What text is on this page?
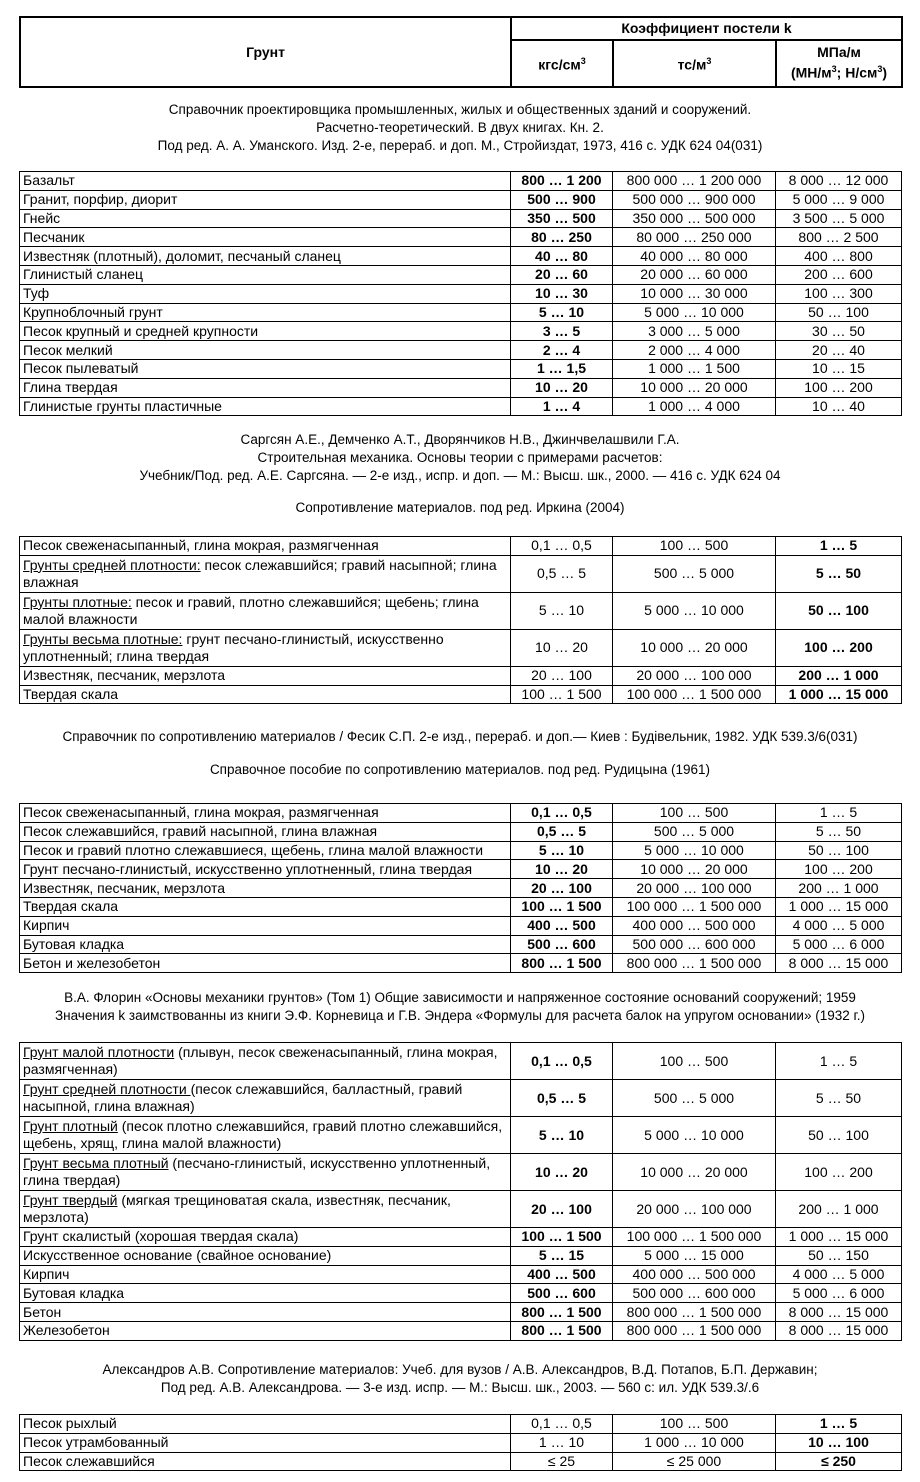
Грунт	Коэффициент постели k		
	кгс/$см^3$	$тс/м^3$	МПа/м
($МН/м^3$; $Н/см^3$)
Справочник проектировщика промышленных, жилых и общественных зданий и сооружений.
Расчетно-теоретический. В двух книгах. Кн. 2.
Под ред. А. А. Уманского. Изд. 2-е, перераб. и доп. М., Стройиздат, 1973, 416 с. УДК 624 04(031)
Базальт	800 … 1 200	800 000 … 1 200 000	8 000 … 12 000
Гранит, порфир, диорит	500 … 900	500 000 … 900 000	5 000 … 9 000
Гнейс	350 … 500	350 000 … 500 000	3 500 … 5 000
Песчаник	80 … 250	80 000 … 250 000	800 … 2 500
Известняк (плотный), доломит, песчаный сланец	40 … 80	40 000 … 80 000	400 … 800
Глинистый сланец	20 … 60	20 000 … 60 000	200 … 600
Туф	10 … 30	10 000 … 30 000	100 … 300
Крупноблочный грунт	5 … 10	5 000 … 10 000	50 … 100
Песок крупный и средней крупности	3 … 5	3 000 … 5 000	30 … 50
Песок мелкий	2 … 4	2 000 … 4 000	20 … 40
Песок пылеватый	1 … 1,5	1 000 … 1 500	10 … 15
Глина твердая	10 … 20	10 000 … 20 000	100 … 200
Глинистые грунты пластичные	1 … 4	1 000 … 4 000	10 … 40
Саргсян А.Е., Демченко А.Т., Дворянчиков Н.В., Джинчвелашвили Г.А.
Строительная механика. Основы теории с примерами расчетов:
Учебник/Под. ред. А.Е. Саргсяна. — 2-е изд., испр. и доп. — М.: Высш. шк., 2000. — 416 с. УДК 624 04
Сопротивление материалов. под ред. Иркина (2004)
Песок свеженасыпанный, глина мокрая, размягченная	0,1 … 0,5	100 … 500	1 … 5
Грунты средней плотности: песок слежавшийся; гравий насыпной; глина влажная	0,5 … 5	500 … 5 000	5 … 50
Грунты плотные: песок и гравий, плотно слежавшийся; щебень; глина малой влажности	5 … 10	5 000 … 10 000	50 … 100
Грунты весьма плотные: грунт песчано-глинистый, искусственно уплотненный; глина твердая	10 … 20	10 000 … 20 000	100 … 200
Известняк, песчаник, мерзлота	20 … 100	20 000 … 100 000	200 … 1 000
Твердая скала	100 … 1 500	100 000 … 1 500 000	1 000 … 15 000
Справочник по сопротивлению материалов / Фесик С.П. 2-е изд., перераб. и доп.— Киев : Будівельник, 1982. УДК 539.3/6(031)
Справочное пособие по сопротивлению материалов. под ред. Рудицына (1961)
Песок свеженасыпанный, глина мокрая, размягченная	0,1 … 0,5	100 … 500	1 … 5
Песок слежавшийся, гравий насыпной, глина влажная	0,5 … 5	500 … 5 000	5 … 50
Песок и гравий плотно слежавшиеся, щебень, глина малой влажности	5 … 10	5 000 … 10 000	50 … 100
Грунт песчано-глинистый, искусственно уплотненный, глина твердая	10 … 20	10 000 … 20 000	100 … 200
Известняк, песчаник, мерзлота	20 … 100	20 000 … 100 000	200 … 1 000
Твердая скала	100 … 1 500	100 000 … 1 500 000	1 000 … 15 000
Кирпич	400 … 500	400 000 … 500 000	4 000 … 5 000
Бутовая кладка	500 … 600	500 000 … 600 000	5 000 … 6 000
Бетон и железобетон	800 … 1 500	800 000 … 1 500 000	8 000 … 15 000
В.А. Флорин «Основы механики грунтов» (Том 1) Общие зависимости и напряженное состояние оснований сооружений; 1959
Значения k заимствованны из книги Э.Ф. Корневица и Г.В. Эндера «Формулы для расчета балок на упругом основании» (1932 г.)
Грунт малой плотности (плывун, песок свеженасыпанный, глина мокрая, размягченная)	0,1 … 0,5	100 … 500	1 … 5
Грунт средней плотности (песок слежавшийся, балластный, гравий насыпной, глина влажная)	0,5 … 5	500 … 5 000	5 … 50
Грунт плотный (песок плотно слежавшийся, гравий плотно слежавшийся, щебень, хрящ, глина малой влажности)	5 … 10	5 000 … 10 000	50 … 100
Грунт весьма плотный (песчано-глинистый, искусственно уплотненный, глина твердая)	10 … 20	10 000 … 20 000	100 … 200
Грунт твердый (мягкая трещиноватая скала, известняк, песчаник, мерзлота)	20 … 100	20 000 … 100 000	200 … 1 000
Грунт скалистый (хорошая твердая скала)	100 … 1 500	100 000 … 1 500 000	1 000 … 15 000
Искусственное основание (свайное основание)	5 … 15	5 000 … 15 000	50 … 150
Кирпич	400 … 500	400 000 … 500 000	4 000 … 5 000
Бутовая кладка	500 … 600	500 000 … 600 000	5 000 … 6 000
Бетон	800 … 1 500	800 000 … 1 500 000	8 000 … 15 000
Железобетон	800 … 1 500	800 000 … 1 500 000	8 000 … 15 000
Александров А.В. Сопротивление материалов: Учеб. для вузов / А.В. Александров, В.Д. Потапов, Б.П. Державин;
Под ред. А.В. Александрова. — 3-е изд. испр. — М.: Высш. шк., 2003. — 560 с: ил. УДК 539.3/.6
Песок рыхлый	0,1 … 0,5	100 … 500	1 … 5
Песок утрамбованный	1 … 10	1 000 … 10 000	10 … 100
Песок слежавшийся	≤ 25	≤ 25 000	≤ 250
